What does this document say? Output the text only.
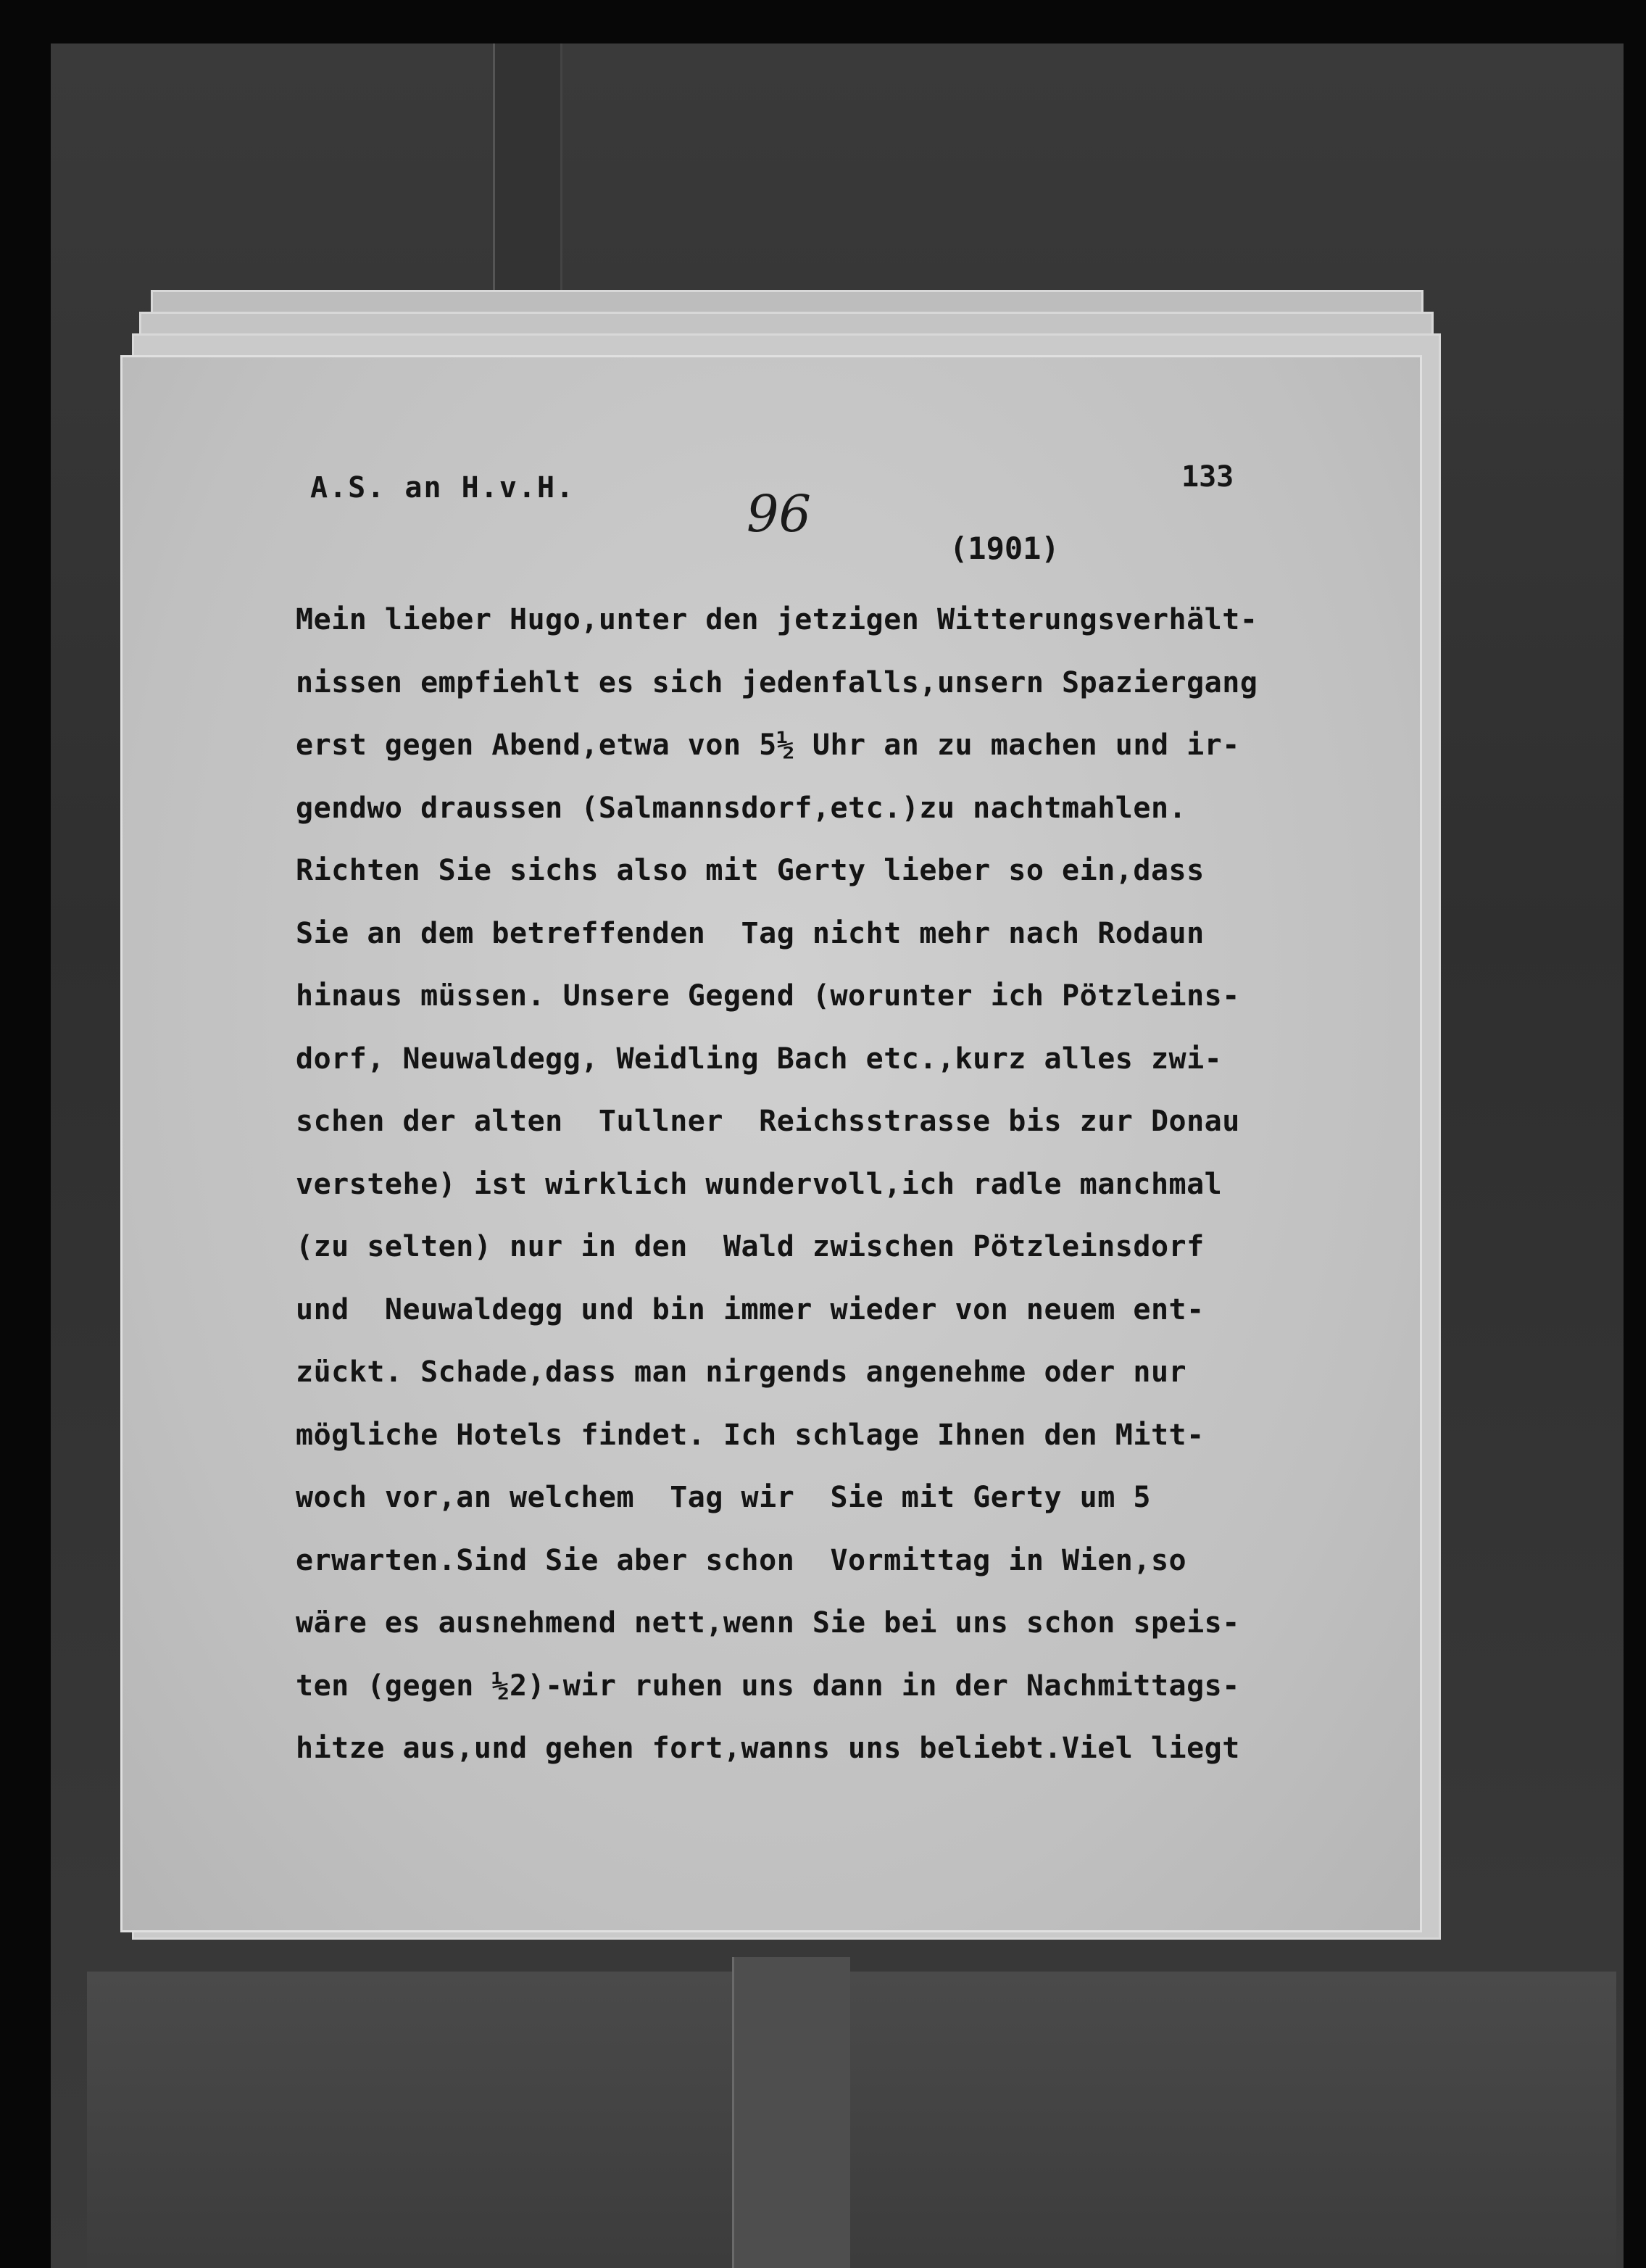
A.S. an H.v.H.	133
96
(1901)
Mein lieber Hugo,unter den jetzigen Witterungsverhält-
nissen empfiehlt es sich jedenfalls,unsern Spaziergang
erst gegen Abend,etwa von 5½ Uhr an zu machen und ir-
gendwo draussen (Salmannsdorf,etc.)zu nachtmahlen.
Richten Sie sichs also mit Gerty lieber so ein,dass
Sie an dem betreffenden  Tag nicht mehr nach Rodaun
hinaus müssen. Unsere Gegend (worunter ich Pötzleins-
dorf, Neuwaldegg, Weidling Bach etc.,kurz alles zwi-
schen der alten  Tullner  Reichsstrasse bis zur Donau
verstehe) ist wirklich wundervoll,ich radle manchmal
(zu selten) nur in den  Wald zwischen Pötzleinsdorf
und  Neuwaldegg und bin immer wieder von neuem ent-
zückt. Schade,dass man nirgends angenehme oder nur
mögliche Hotels findet. Ich schlage Ihnen den Mitt-
woch vor,an welchem  Tag wir  Sie mit Gerty um 5
erwarten.Sind Sie aber schon  Vormittag in Wien,so
wäre es ausnehmend nett,wenn Sie bei uns schon speis-
ten (gegen ½2)-wir ruhen uns dann in der Nachmittags-
hitze aus,und gehen fort,wanns uns beliebt.Viel liegt
